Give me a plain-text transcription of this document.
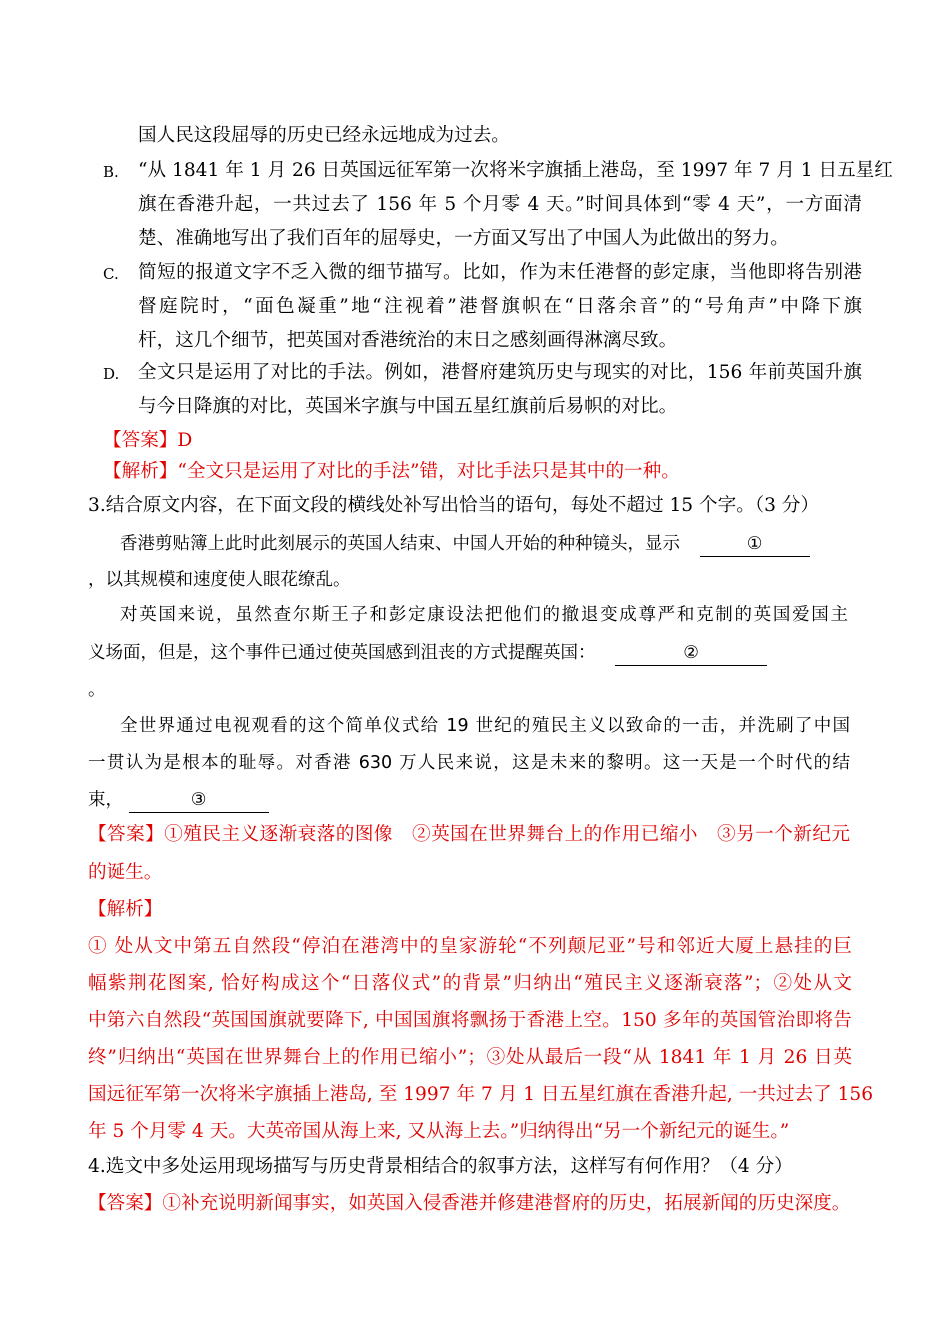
国人民这段屈辱的历史已经永远地成为过去。
B. “从 1841 年 1 月 26 日英国远征军第一次将米字旗插上港岛，至 1997 年 7 月 1 日五星红
旗在香港升起，一共过去了 156 年 5 个月零 4 天。”时间具体到“零 4 天”，一方面清
楚、准确地写出了我们百年的屈辱史，一方面又写出了中国人为此做出的努力。
C. 简短的报道文字不乏入微的细节描写。比如，作为末任港督的彭定康，当他即将告别港
督庭院时，“面色凝重”地“注视着”港督旗帜在“日落余音”的“号角声”中降下旗
杆，这几个细节，把英国对香港统治的末日之感刻画得淋漓尽致。
D. 全文只是运用了对比的手法。例如，港督府建筑历史与现实的对比，156 年前英国升旗
与今日降旗的对比，英国米字旗与中国五星红旗前后易帜的对比。
【答案】D
【解析】“全文只是运用了对比的手法”错，对比手法只是其中的一种。
3.结合原文内容，在下面文段的横线处补写出恰当的语句，每处不超过 15 个字。（3 分）
香港剪贴簿上此时此刻展示的英国人结束、中国人开始的种种镜头，显示	①
，以其规模和速度使人眼花缭乱。
对英国来说，虽然查尔斯王子和彭定康设法把他们的撤退变成尊严和克制的英国爱国主
义场面，但是，这个事件已通过使英国感到沮丧的方式提醒英国：	②
。
全世界通过电视观看的这个简单仪式给 19 世纪的殖民主义以致命的一击，并洗刷了中国
一贯认为是根本的耻辱。对香港 630 万人民来说，这是未来的黎明。这一天是一个时代的结
束，	③
【答案】①殖民主义逐渐衰落的图像　②英国在世界舞台上的作用已缩小　③另一个新纪元
的诞生。
【解析】
① 处从文中第五自然段“停泊在港湾中的皇家游轮“不列颠尼亚”号和邻近大厦上悬挂的巨
幅紫荆花图案, 恰好构成这个“日落仪式”的背景”归纳出“殖民主义逐渐衰落”；②处从文
中第六自然段“英国国旗就要降下, 中国国旗将飘扬于香港上空。150 多年的英国管治即将告
终”归纳出“英国在世界舞台上的作用已缩小”；③处从最后一段“从 1841 年 1 月 26 日英
国远征军第一次将米字旗插上港岛, 至 1997 年 7 月 1 日五星红旗在香港升起, 一共过去了 156
年 5 个月零 4 天。大英帝国从海上来, 又从海上去。”归纳得出“另一个新纪元的诞生。”
4.选文中多处运用现场描写与历史背景相结合的叙事方法，这样写有何作用？（4 分）
【答案】①补充说明新闻事实，如英国入侵香港并修建港督府的历史，拓展新闻的历史深度。
